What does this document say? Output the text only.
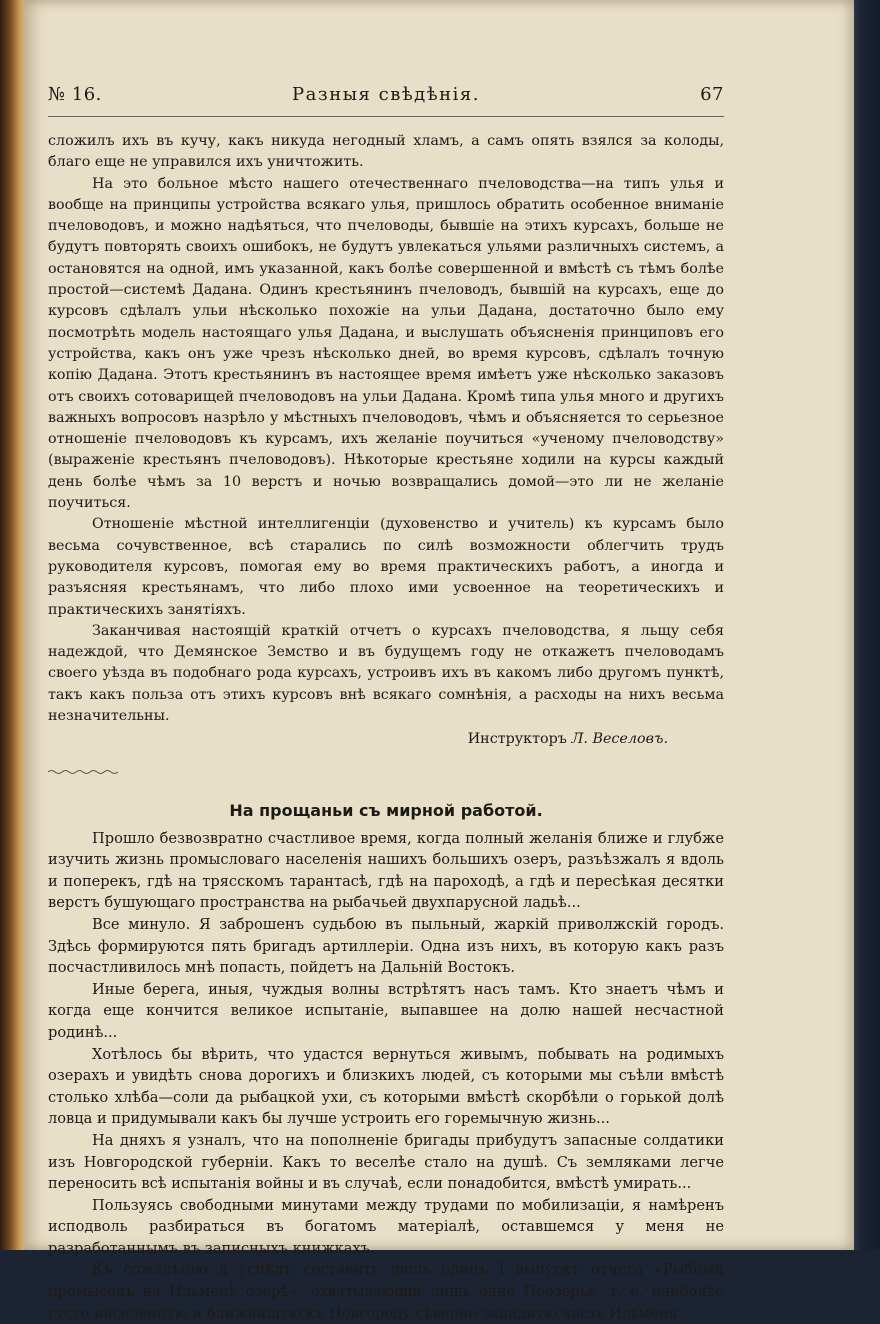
№ 16.	Разныя свѣдѣнія.	67

сложилъ ихъ въ кучу, какъ никуда негодный хламъ, а самъ опять взялся за колоды, благо еще не управился ихъ уничтожить.

На это больное мѣсто нашего отечественнаго пчеловодства—на типъ улья и вообще на принципы устройства всякаго улья, пришлось обратить особенное вниманіе пчеловодовъ, и можно надѣяться, что пчеловоды, бывшіе на этихъ курсахъ, больше не будутъ повторять своихъ ошибокъ, не будутъ увлекаться ульями различныхъ системъ, а остановятся на одной, имъ указанной, какъ болѣе совершенной и вмѣстѣ съ тѣмъ болѣе простой—системѣ Дадана. Одинъ крестьянинъ пчеловодъ, бывшій на курсахъ, еще до курсовъ сдѣлалъ ульи нѣсколько похожіе на ульи Дадана, достаточно было ему посмотрѣть модель настоящаго улья Дадана, и выслушать объясненія принциповъ его устройства, какъ онъ уже чрезъ нѣсколько дней, во время курсовъ, сдѣлалъ точную копію Дадана. Этотъ крестьянинъ въ настоящее время имѣетъ уже нѣсколько заказовъ отъ своихъ сотоварищей пчеловодовъ на ульи Дадана. Кромѣ типа улья много и другихъ важныхъ вопросовъ назрѣло у мѣстныхъ пчеловодовъ, чѣмъ и объясняется то серьезное отношеніе пчеловодовъ къ курсамъ, ихъ желаніе поучиться «ученому пчеловодству» (выраженіе крестьянъ пчеловодовъ). Нѣкоторые крестьяне ходили на курсы каждый день болѣе чѣмъ за 10 верстъ и ночью возвращались домой—это ли не желаніе поучиться.

Отношеніе мѣстной интеллигенціи (духовенство и учитель) къ курсамъ было весьма сочувственное, всѣ старались по силѣ возможности облегчить трудъ руководителя курсовъ, помогая ему во время практическихъ работъ, а иногда и разъясняя крестьянамъ, что либо плохо ими усвоенное на теоретическихъ и практическихъ занятіяхъ.

Заканчивая настоящій краткій отчетъ о курсахъ пчеловодства, я льщу себя надеждой, что Демянское Земство и въ будущемъ году не откажетъ пчеловодамъ своего уѣзда въ подобнаго рода курсахъ, устроивъ ихъ въ какомъ либо другомъ пунктѣ, такъ какъ польза отъ этихъ курсовъ внѣ всякаго сомнѣнія, а расходы на нихъ весьма незначительны.

Инструкторъ Л. Веселовъ.
На прощаньи съ мирной работой.

Прошло безвозвратно счастливое время, когда полный желанія ближе и глубже изучить жизнь промысловаго населенія нашихъ большихъ озеръ, разъѣзжалъ я вдоль и поперекъ, гдѣ на трясскомъ тарантасѣ, гдѣ на пароходѣ, а гдѣ и пересѣкая десятки верстъ бушующаго пространства на рыбачьей двухпарусной ладьѣ...

Все минуло. Я заброшенъ судьбою въ пыльный, жаркій приволжскій городъ. Здѣсь формируются пять бригадъ артиллеріи. Одна изъ нихъ, въ которую какъ разъ посчастливилось мнѣ попасть, пойдетъ на Дальній Востокъ.

Иные берега, иныя, чуждыя волны встрѣтятъ насъ тамъ. Кто знаетъ чѣмъ и когда еще кончится великое испытаніе, выпавшее на долю нашей несчастной родинѣ...

Хотѣлось бы вѣрить, что удастся вернуться живымъ, побывать на родимыхъ озерахъ и увидѣть снова дорогихъ и близкихъ людей, съ которыми мы съѣли вмѣстѣ столько хлѣба—соли да рыбацкой ухи, съ которыми вмѣстѣ скорбѣли о горькой долѣ ловца и придумывали какъ бы лучше устроить его горемычную жизнь...

На дняхъ я узналъ, что на пополненіе бригады прибудутъ запасные солдатики изъ Новгородской губерніи. Какъ то веселѣе стало на душѣ. Съ земляками легче переносить всѣ испытанія войны и въ случаѣ, если понадобится, вмѣстѣ умирать...

Пользуясь свободными минутами между трудами по мобилизаціи, я намѣренъ исподволь разбираться въ богатомъ матеріалѣ, оставшемся у меня не разработаннымъ въ записныхъ книжкахъ.

Къ сожалѣнію я успѣлъ составить лишь одинъ I выпускъ отчета «Рыбный промыселъ на Ильменѣ озерѣ», охватывающій лишь одно Поозерье, т. е. наиболѣе густо населенную и ближайшую къ Новгороду сѣверно-западную часть Ильменя.
